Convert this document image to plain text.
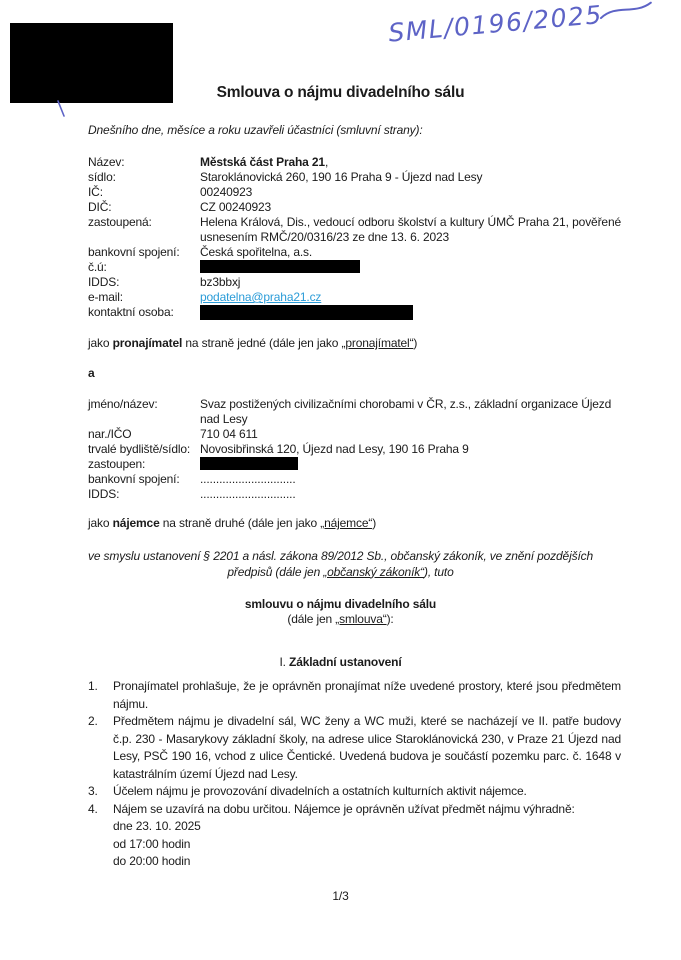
SML/0196/2025
Smlouva o nájmu divadelního sálu
Dnešního dne, měsíce a roku uzavřeli účastníci (smluvní strany):
Název:	Městská část Praha 21,
sídlo:	Staroklánovická 260, 190 16 Praha 9 - Újezd nad Lesy
IČ:	00240923
DIČ:	CZ 00240923
zastoupená:	Helena Králová, Dis., vedoucí odboru školství a kultury ÚMČ Praha 21, pověřené usnesením RMČ/20/0316/23 ze dne 13. 6. 2023
bankovní spojení:	Česká spořitelna, a.s.
č.ú:
IDDS:	bz3bbxj
e-mail:	podatelna@praha21.cz
kontaktní osoba:
jako pronajímatel na straně jedné (dále jen jako „pronajímatel“)
a
jméno/název:	Svaz postižených civilizačními chorobami v ČR, z.s., základní organizace Újezd nad Lesy
nar./IČO	710 04 611
trvalé bydliště/sídlo: Novosibřinská 120, Újezd nad Lesy, 190 16 Praha 9
zastoupen:
bankovní spojení:	..............................
IDDS:	..............................
jako nájemce na straně druhé (dále jen jako „nájemce“)
ve smyslu ustanovení § 2201 a násl. zákona 89/2012 Sb., občanský zákoník, ve znění pozdějších předpisů (dále jen „občanský zákoník“), tuto
smlouvu o nájmu divadelního sálu
(dále jen „smlouva“):
I. Základní ustanovení
1.	Pronajímatel prohlašuje, že je oprávněn pronajímat níže uvedené prostory, které jsou předmětem nájmu.
2.	Předmětem nájmu je divadelní sál, WC ženy a WC muži, které se nacházejí ve II. patře budovy č.p. 230 - Masarykovy základní školy, na adrese ulice Staroklánovická 230, v Praze 21 Újezd nad Lesy, PSČ 190 16, vchod z ulice Čentické. Uvedená budova je součástí pozemku parc. č. 1648 v katastrálním území Újezd nad Lesy.
3.	Účelem nájmu je provozování divadelních a ostatních kulturních aktivit nájemce.
4.	Nájem se uzavírá na dobu určitou. Nájemce je oprávněn užívat předmět nájmu výhradně:
dne 23. 10. 2025
od 17:00 hodin
do 20:00 hodin
1/3
